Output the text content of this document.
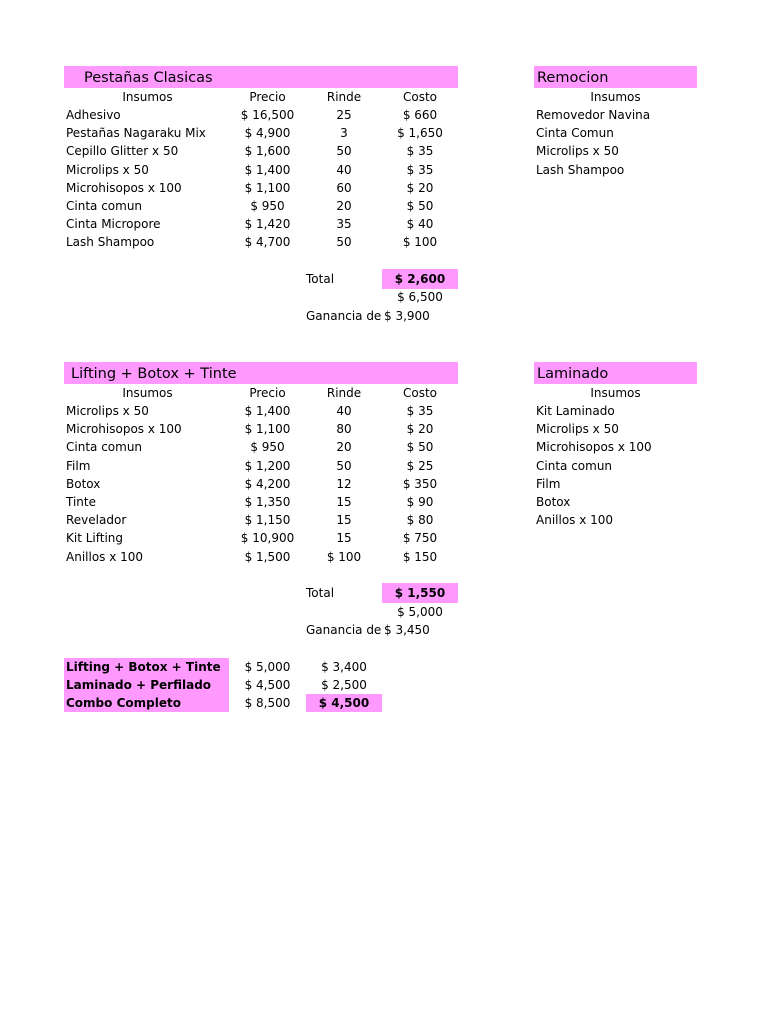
Pestañas Clasicas
Insumos	Precio	Rinde	Costo
Adhesivo	$ 16,500	25	$ 660
Pestañas Nagaraku Mix	$ 4,900	3	$ 1,650
Cepillo Glitter x 50	$ 1,600	50	$ 35
Microlips x 50	$ 1,400	40	$ 35
Microhisopos x 100	$ 1,100	60	$ 20
Cinta comun	$ 950	20	$ 50
Cinta Micropore	$ 1,420	35	$ 40
Lash Shampoo	$ 4,700	50	$ 100
Total	$ 2,600
$ 6,500
Ganancia de $ 3,900
Remocion
Insumos
Removedor Navina
Cinta Comun
Microlips x 50
Lash Shampoo
Lifting + Botox + Tinte
Insumos	Precio	Rinde	Costo
Microlips x 50	$ 1,400	40	$ 35
Microhisopos x 100	$ 1,100	80	$ 20
Cinta comun	$ 950	20	$ 50
Film	$ 1,200	50	$ 25
Botox	$ 4,200	12	$ 350
Tinte	$ 1,350	15	$ 90
Revelador	$ 1,150	15	$ 80
Kit Lifting	$ 10,900	15	$ 750
Anillos x 100	$ 1,500	$ 100	$ 150
Total	$ 1,550
$ 5,000
Ganancia de $ 3,450
Laminado
Insumos
Kit Laminado
Microlips x 50
Microhisopos x 100
Cinta comun
Film
Botox
Anillos x 100
Lifting + Botox + Tinte	$ 5,000	$ 3,400
Laminado + Perfilado	$ 4,500	$ 2,500
Combo Completo	$ 8,500	$ 4,500
